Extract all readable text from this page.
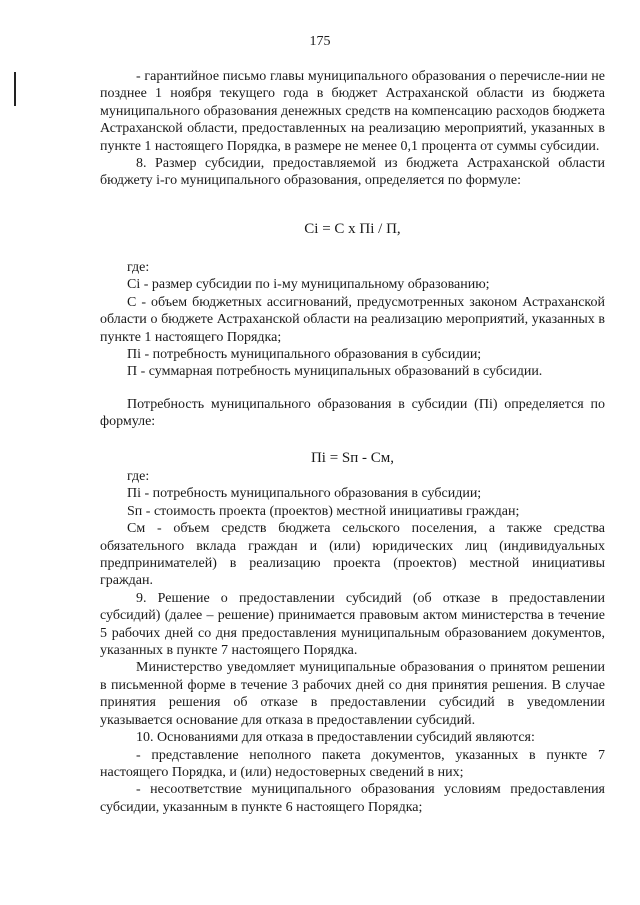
175

- гарантийное письмо главы муниципального образования о перечисле-нии не позднее 1 ноября текущего года в бюджет Астраханской области из бюджета муниципального образования денежных средств на компенсацию расходов бюджета Астраханской области, предоставленных на реализацию мероприятий, указанных в пункте 1 настоящего Порядка, в размере не менее 0,1 процента от суммы субсидии.

8. Размер субсидии, предоставляемой из бюджета Астраханской области бюджету i-го муниципального образования, определяется по формуле:

Ci = С х Пi / П,

где:

Ci - размер субсидии по i-му муниципальному образованию;

С - объем бюджетных ассигнований, предусмотренных законом Астраханской области о бюджете Астраханской области на реализацию мероприятий, указанных в пункте 1 настоящего Порядка;

Пi - потребность муниципального образования в субсидии;

П - суммарная потребность муниципальных образований в субсидии.

Потребность муниципального образования в субсидии (Пi) определяется по формуле:

Пi = Sп - См,

где:

Пi - потребность муниципального образования в субсидии;

Sп - стоимость проекта (проектов) местной инициативы граждан;

См - объем средств бюджета сельского поселения, а также средства обязательного вклада граждан и (или) юридических лиц (индивидуальных предпринимателей) в реализацию проекта (проектов) местной инициативы граждан.

9. Решение о предоставлении субсидий (об отказе в предоставлении субсидий) (далее – решение) принимается правовым актом министерства в течение 5 рабочих дней со дня предоставления муниципальным образованием документов, указанных в пункте 7 настоящего Порядка.

Министерство уведомляет муниципальные образования о принятом решении в письменной форме в течение 3 рабочих дней со дня принятия решения. В случае принятия решения об отказе в предоставлении субсидий в уведомлении указывается основание для отказа в предоставлении субсидий.

10. Основаниями для отказа в предоставлении субсидий являются:

- представление неполного пакета документов, указанных в пункте 7 настоящего Порядка, и (или) недостоверных сведений в них;

- несоответствие муниципального образования условиям предоставления субсидии, указанным в пункте 6 настоящего Порядка;
